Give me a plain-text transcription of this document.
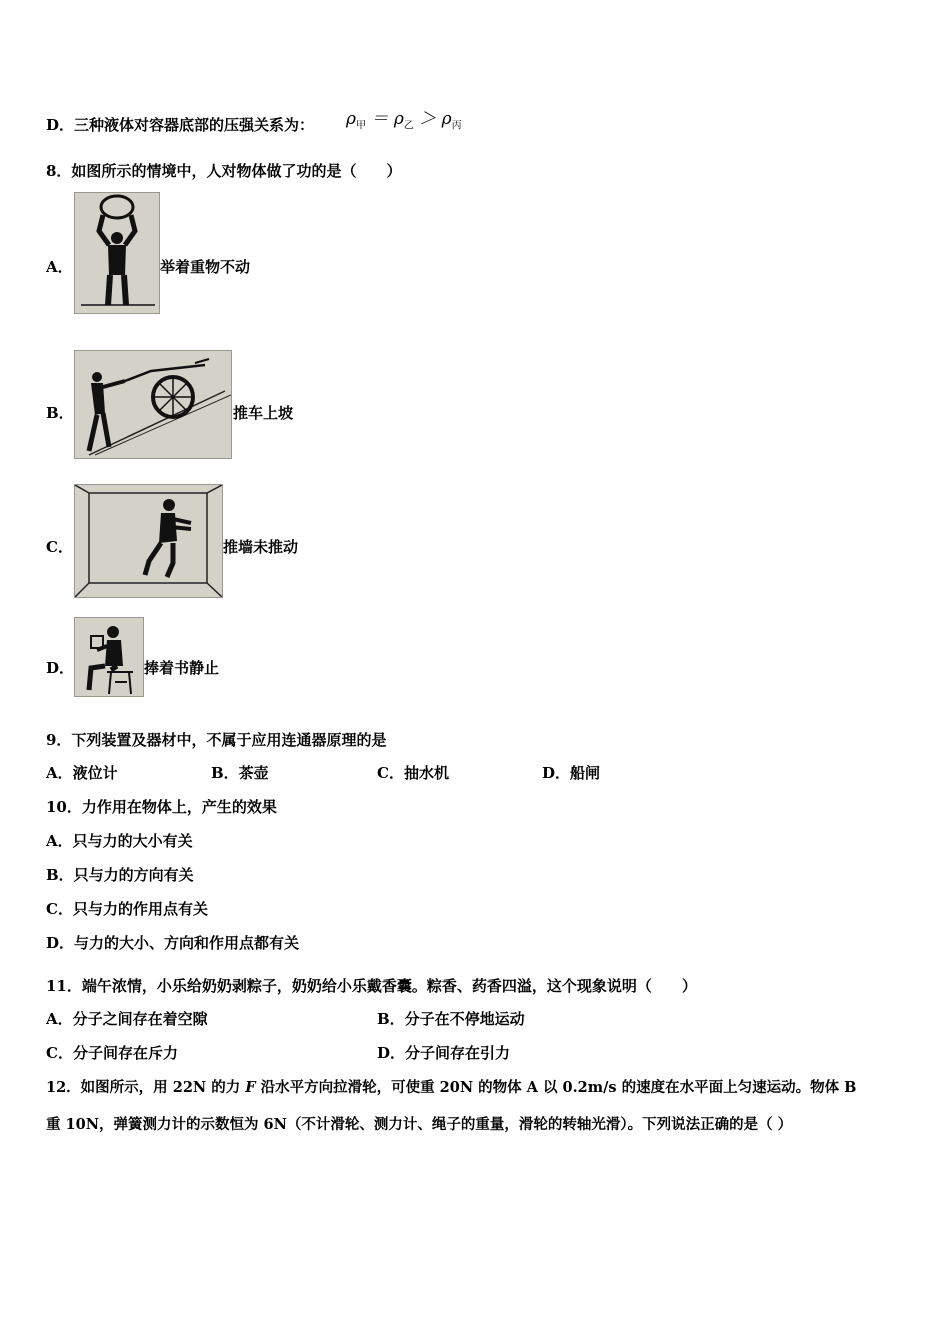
D．三种液体对容器底部的压强关系为： $\rho_甲 = \rho_乙 > \rho_丙$
8．如图所示的情境中，人对物体做了功的是（　　）
A．	举着重物不动
B．	推车上坡
C．	推墙未推动
D．	捧着书静止
9．下列装置及器材中，不属于应用连通器原理的是
A．液位计	B．茶壶	C．抽水机	D．船闸
10．力作用在物体上，产生的效果
A．只与力的大小有关
B．只与力的方向有关
C．只与力的作用点有关
D．与力的大小、方向和作用点都有关
11．端午浓情，小乐给奶奶剥粽子，奶奶给小乐戴香囊。粽香、药香四溢，这个现象说明（　　）
A．分子之间存在着空隙	B．分子在不停地运动
C．分子间存在斥力	D．分子间存在引力
12．如图所示，用 22N 的力 F 沿水平方向拉滑轮，可使重 20N 的物体 A 以 0.2m/s 的速度在水平面上匀速运动。物体 B
重 10N，弹簧测力计的示数恒为 6N（不计滑轮、测力计、绳子的重量，滑轮的转轴光滑）。下列说法正确的是（ ）
